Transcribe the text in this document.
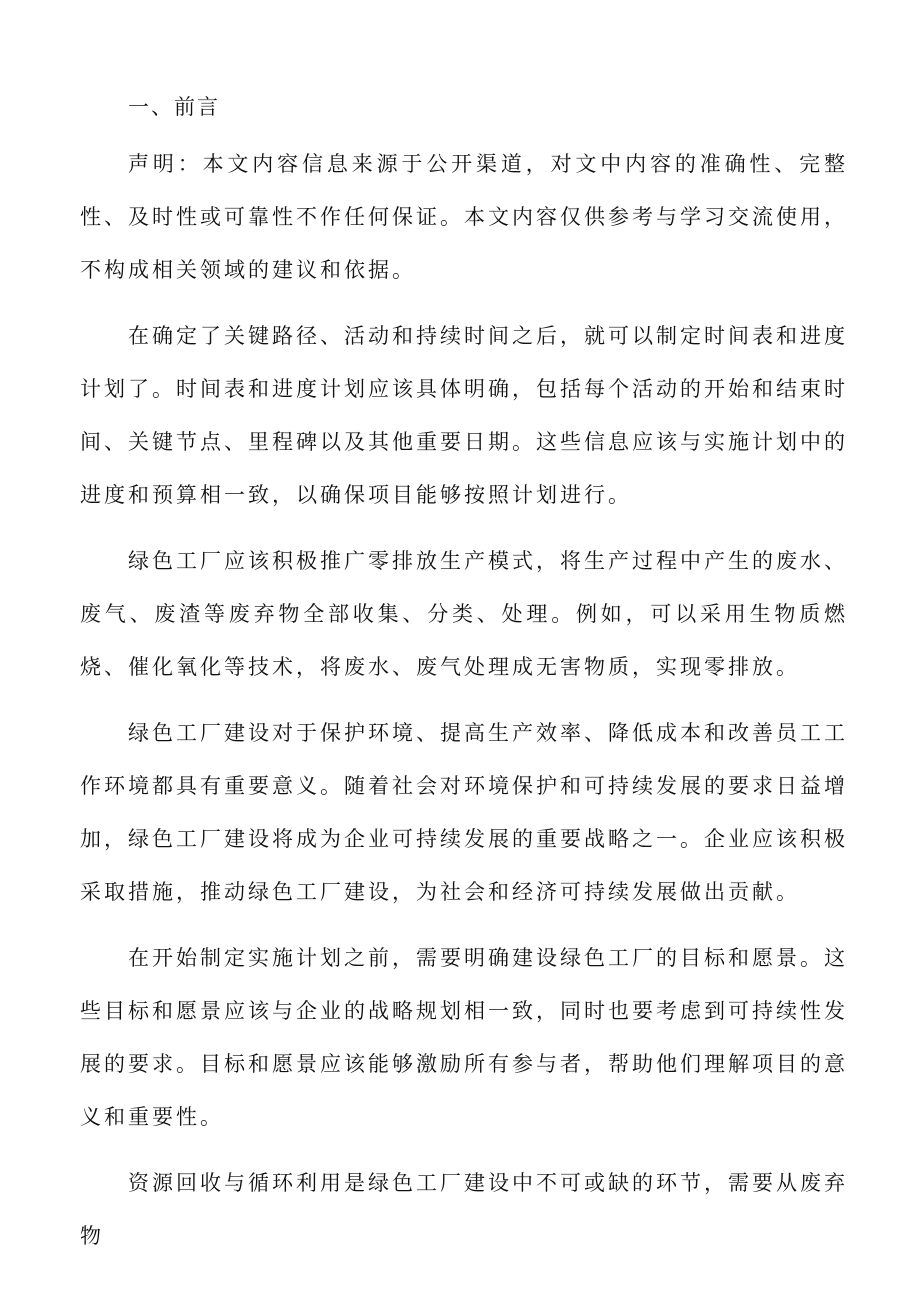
一、前言

声明：本文内容信息来源于公开渠道，对文中内容的准确性、完整性、及时性或可靠性不作任何保证。本文内容仅供参考与学习交流使用，不构成相关领域的建议和依据。

在确定了关键路径、活动和持续时间之后，就可以制定时间表和进度计划了。时间表和进度计划应该具体明确，包括每个活动的开始和结束时间、关键节点、里程碑以及其他重要日期。这些信息应该与实施计划中的进度和预算相一致，以确保项目能够按照计划进行。

绿色工厂应该积极推广零排放生产模式，将生产过程中产生的废水、废气、废渣等废弃物全部收集、分类、处理。例如，可以采用生物质燃烧、催化氧化等技术，将废水、废气处理成无害物质，实现零排放。

绿色工厂建设对于保护环境、提高生产效率、降低成本和改善员工工作环境都具有重要意义。随着社会对环境保护和可持续发展的要求日益增加，绿色工厂建设将成为企业可持续发展的重要战略之一。企业应该积极采取措施，推动绿色工厂建设，为社会和经济可持续发展做出贡献。

在开始制定实施计划之前，需要明确建设绿色工厂的目标和愿景。这些目标和愿景应该与企业的战略规划相一致，同时也要考虑到可持续性发展的要求。目标和愿景应该能够激励所有参与者，帮助他们理解项目的意义和重要性。

资源回收与循环利用是绿色工厂建设中不可或缺的环节，需要从废弃物
